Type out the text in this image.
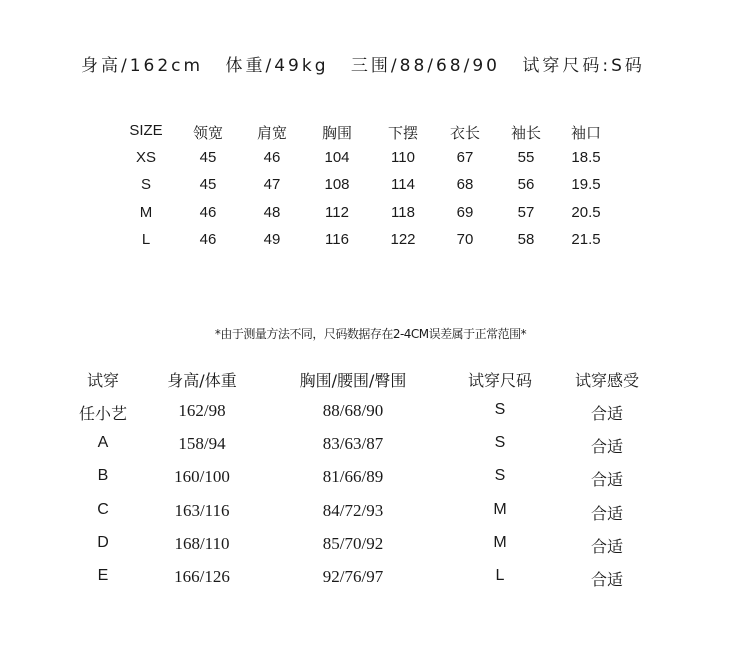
身高/162cm 体重/49kg 三围/88/68/90 试穿尺码:S码
SIZE 领宽 肩宽 胸围 下摆 衣长 袖长 袖口
XS	45	46	104	110	67	55 18.5
S	45	47	108	114	68	56 19.5
M	46	48	112	118	69	57 20.5
L	46	49	116	122	70	58 21.5
*由于测量方法不同，尺码数据存在2-4CM误差属于正常范围*
试穿	身高/体重	胸围/腰围/臀围	试穿尺码	试穿感受
任小艺	162/98	88/68/90	S	合适
A	158/94	83/63/87	S	合适
B	160/100	81/66/89	S	合适
C	163/116	84/72/93	M	合适
D	168/110	85/70/92	M	合适
E	166/126	92/76/97	L	合适
